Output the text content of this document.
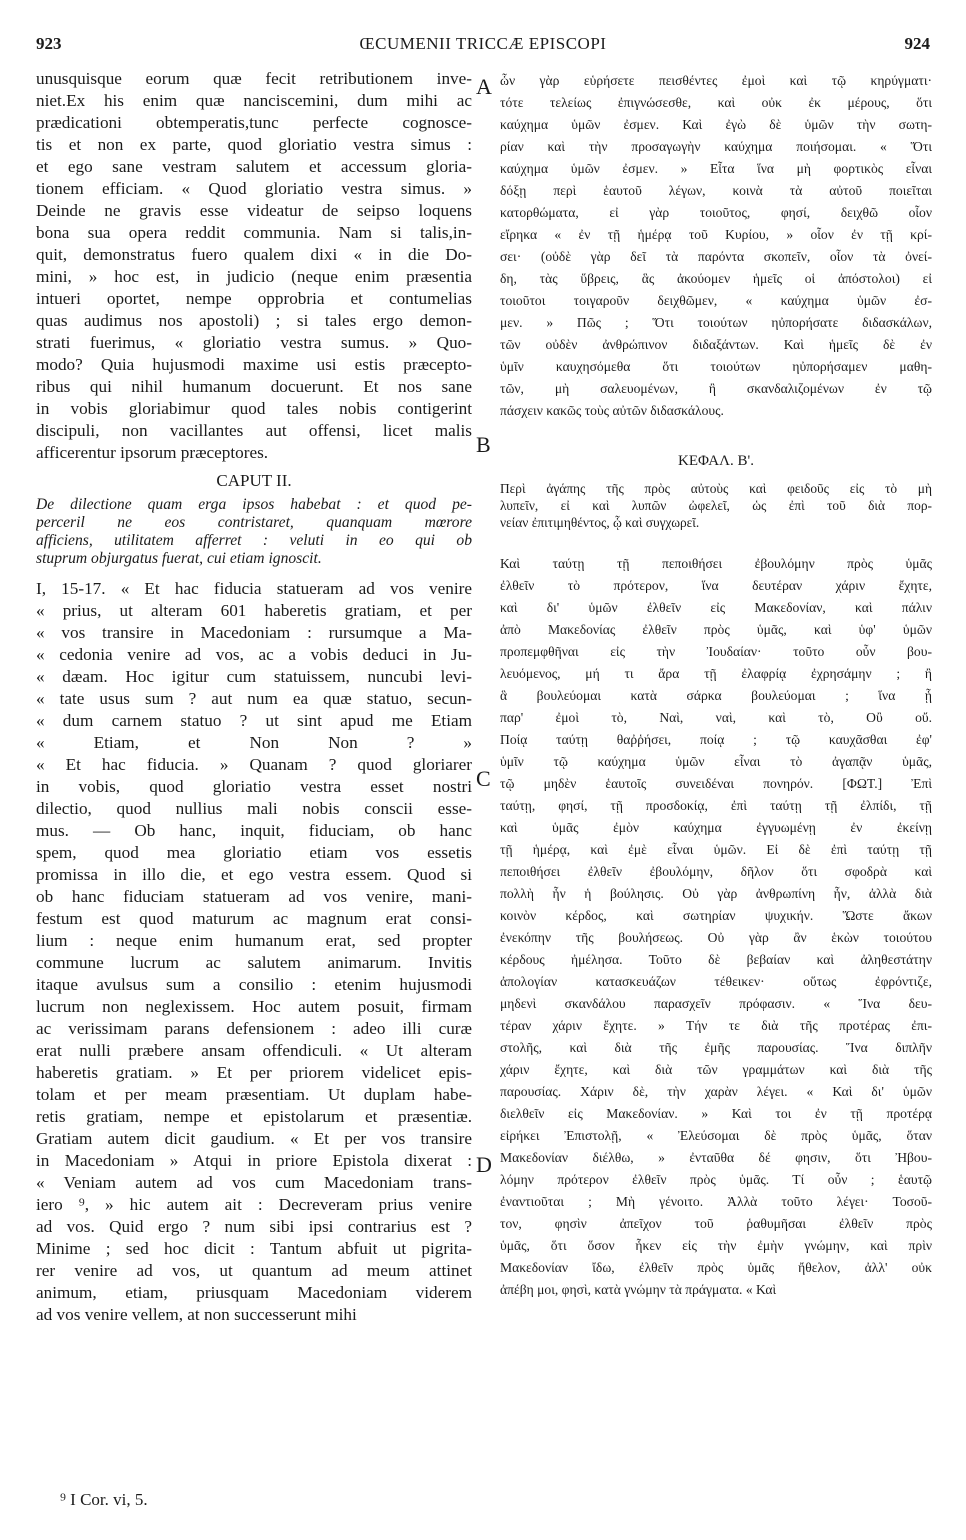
923	ŒCUMENII TRICCÆ EPISCOPI	924
A
B
C
D
unusquisque eorum quæ fecit retributionem inve-
niet.Ex his enim quæ nanciscemini, dum mihi ac
prædicationi obtemperatis,tunc perfecte cognosce-
tis et non ex parte, quod gloriatio vestra simus :
et ego sane vestram salutem et accessum gloria-
tionem efficiam. « Quod gloriatio vestra simus. »
Deinde ne gravis esse videatur de seipso loquens
bona sua opera reddit communia. Nam si talis,in-
quit, demonstratus fuero qualem dixi « in die Do-
mini, » hoc est, in judicio (neque enim præsentia
intueri oportet, nempe opprobria et contumelias
quas audimus nos apostoli) ; si tales ergo demon-
strati fuerimus, « gloriatio vestra sumus. » Quo-
modo? Quia hujusmodi maxime usi estis præcepto-
ribus qui nihil humanum docuerunt. Et nos sane
in vobis gloriabimur quod tales nobis contigerint
discipuli, non vacillantes aut offensi, licet malis
afficerentur ipsorum præceptores.
CAPUT II.
De dilectione quam erga ipsos habebat : et quod pe-
perceril ne eos contristaret, quanquam mœrore
afficiens, utilitatem afferret : veluti in eo qui ob
stuprum objurgatus fuerat, cui etiam ignoscit.
I, 15-17. « Et hac fiducia statueram ad vos venire
« prius, ut alteram 601 haberetis gratiam, et per
« vos transire in Macedoniam : rursumque a Ma-
« cedonia venire ad vos, ac a vobis deduci in Ju-
« dæam. Hoc igitur cum statuissem, nuncubi levi-
« tate usus sum ? aut num ea quæ statuo, secun-
« dum carnem statuo ? ut sint apud me Etiam
« Etiam, et Non Non ? »
« Et hac fiducia. » Quanam ? quod gloriarer
in vobis, quod gloriatio vestra esset nostri
dilectio, quod nullius mali nobis conscii esse-
mus. — Ob hanc, inquit, fiduciam, ob hanc
spem, quod mea gloriatio etiam vos essetis
promissa in illo die, et ego vestra essem. Quod si
ob hanc fiduciam statueram ad vos venire, mani-
festum est quod maturum ac magnum erat consi-
lium : neque enim humanum erat, sed propter
commune lucrum ac salutem animarum. Invitis
itaque avulsus sum a consilio : etenim hujusmodi
lucrum non neglexissem. Hoc autem posuit, firmam
ac verissimam parans defensionem : adeo illi curæ
erat nulli præbere ansam offendiculi. « Ut alteram
haberetis gratiam. » Et per priorem videlicet epis-
tolam et per meam præsentiam. Ut duplam habe-
retis gratiam, nempe et epistolarum et præsentiæ.
Gratiam autem dicit gaudium. « Et per vos transire
in Macedoniam » Atqui in priore Epistola dixerat :
« Veniam autem ad vos cum Macedoniam trans-
iero ⁹, » hic autem ait : Decreveram prius venire
ad vos. Quid ergo ? num sibi ipsi contrarius est ?
Minime ; sed hoc dicit : Tantum abfuit ut pigrita-
rer venire ad vos, ut quantum ad meum attinet
animum, etiam, priusquam Macedoniam viderem
ad vos venire vellem, at non successerunt mihi
ὧν γὰρ εὑρήσετε πεισθέντες ἐμοὶ καὶ τῷ κηρύγματι·
τότε τελείως ἐπιγνώσεσθε, καὶ οὐκ ἐκ μέρους, ὅτι
καύχημα ὑμῶν ἐσμεν. Καὶ ἐγὼ δὲ ὑμῶν τὴν σωτη-
ρίαν καὶ τὴν προσαγωγὴν καύχημα ποιήσομαι. « Ὅτι
καύχημα ὑμῶν ἐσμεν. » Εἶτα ἵνα μὴ φορτικὸς εἶναι
δόξῃ περὶ ἑαυτοῦ λέγων, κοινὰ τὰ αὐτοῦ ποιεῖται
κατορθώματα, εἰ γὰρ τοιοῦτος, φησί, δειχθῶ οἷον
εἴρηκα « ἐν τῇ ἡμέρᾳ τοῦ Κυρίου, » οἷον ἐν τῇ κρί-
σει· (οὐδὲ γὰρ δεῖ τὰ παρόντα σκοπεῖν, οἷον τὰ ὀνεί-
δη, τὰς ὕβρεις, ἃς ἀκούομεν ἡμεῖς οἱ ἀπόστολοι) εἰ
τοιοῦτοι τοιγαροῦν δειχθῶμεν, « καύχημα ὑμῶν ἐσ-
μεν. » Πῶς ; Ὅτι τοιούτων ηὐπορήσατε διδασκάλων,
τῶν οὐδὲν ἀνθρώπινον διδαξάντων. Καὶ ἡμεῖς δὲ ἐν
ὑμῖν καυχησόμεθα ὅτι τοιούτων ηὐπορήσαμεν μαθη-
τῶν, μὴ σαλευομένων, ἢ σκανδαλιζομένων ἐν τῷ
πάσχειν κακῶς τοὺς αὐτῶν διδασκάλους.
ΚΕΦΑΛ. Β'.
Περὶ ἀγάπης τῆς πρὸς αὐτοὺς καὶ φειδοῦς εἰς τὸ μὴ
λυπεῖν, εἰ καὶ λυπῶν ὠφελεῖ, ὡς ἐπὶ τοῦ διὰ πορ-
νείαν ἐπιτιμηθέντος, ᾧ καὶ συγχωρεῖ.
Καὶ ταύτῃ τῇ πεποιθήσει ἐβουλόμην πρὸς ὑμᾶς
ἐλθεῖν τὸ πρότερον, ἵνα δευτέραν χάριν ἔχητε,
καὶ δι' ὑμῶν ἐλθεῖν εἰς Μακεδονίαν, καὶ πάλιν
ἀπὸ Μακεδονίας ἐλθεῖν πρὸς ὑμᾶς, καὶ ὑφ' ὑμῶν
προπεμφθῆναι εἰς τὴν Ἰουδαίαν· τοῦτο οὖν βου-
λευόμενος, μή τι ἄρα τῇ ἐλαφρίᾳ ἐχρησάμην ; ἢ
ἃ βουλεύομαι κατὰ σάρκα βουλεύομαι ; ἵνα ᾖ
παρ' ἐμοὶ τὸ, Ναὶ, ναὶ, καὶ τὸ, Οὒ οὔ.
Ποίᾳ ταύτῃ θαῤῥήσει, ποίᾳ ; τῷ καυχᾶσθαι ἐφ'
ὑμῖν τῷ καύχημα ὑμῶν εἶναι τὸ ἀγαπᾷν ὑμᾶς,
τῷ μηδὲν ἑαυτοῖς συνειδέναι πονηρόν. [ΦΩΤ.] Ἐπὶ
ταύτῃ, φησί, τῇ προσδοκίᾳ, ἐπὶ ταύτῃ τῇ ἐλπίδι, τῇ
καὶ ὑμᾶς ἐμὸν καύχημα ἐγγυωμένῃ ἐν ἐκείνῃ
τῇ ἡμέρᾳ, καὶ ἐμὲ εἶναι ὑμῶν. Εἰ δὲ ἐπὶ ταύτῃ τῇ
πεποιθήσει ἐλθεῖν ἐβουλόμην, δῆλον ὅτι σφοδρὰ καὶ
πολλὴ ἦν ἡ βούλησις. Οὐ γὰρ ἀνθρωπίνη ἦν, ἀλλὰ διὰ
κοινὸν κέρδος, καὶ σωτηρίαν ψυχικήν. Ὥστε ἄκων
ἐνεκόπην τῆς βουλήσεως. Οὐ γὰρ ἂν ἑκὼν τοιούτου
κέρδους ἠμέλησα. Τοῦτο δὲ βεβαίαν καὶ ἀληθεστάτην
ἀπολογίαν κατασκευάζων τέθεικεν· οὕτως ἐφρόντιζε,
μηδενὶ σκανδάλου παρασχεῖν πρόφασιν. « Ἵνα δευ-
τέραν χάριν ἔχητε. » Τήν τε διὰ τῆς προτέρας ἐπι-
στολῆς, καὶ διὰ τῆς ἐμῆς παρουσίας. Ἵνα διπλῆν
χάριν ἔχητε, καὶ διὰ τῶν γραμμάτων καὶ διὰ τῆς
παρουσίας. Χάριν δὲ, τὴν χαρὰν λέγει. « Καὶ δι' ὑμῶν
διελθεῖν εἰς Μακεδονίαν. » Καὶ τοι ἐν τῇ προτέρᾳ
εἰρήκει Ἐπιστολῇ, « Ἐλεύσομαι δὲ πρὸς ὑμᾶς, ὅταν
Μακεδονίαν διέλθω, » ἐνταῦθα δέ φησιν, ὅτι Ἠβου-
λόμην πρότερον ἐλθεῖν πρὸς ὑμᾶς. Τί οὖν ; ἑαυτῷ
ἐναντιοῦται ; Μὴ γένοιτο. Ἀλλὰ τοῦτο λέγει· Τοσοῦ-
τον, φησὶν ἀπεῖχον τοῦ ῥαθυμῆσαι ἐλθεῖν πρὸς
ὑμᾶς, ὅτι ὅσον ἧκεν εἰς τὴν ἐμὴν γνώμην, καὶ πρὶν
Μακεδονίαν ἴδω, ἐλθεῖν πρὸς ὑμᾶς ἤθελον, ἀλλ' οὐκ
ἀπέβη μοι, φησὶ, κατὰ γνώμην τὰ πράγματα. « Καὶ
⁹ I Cor. vi, 5.
